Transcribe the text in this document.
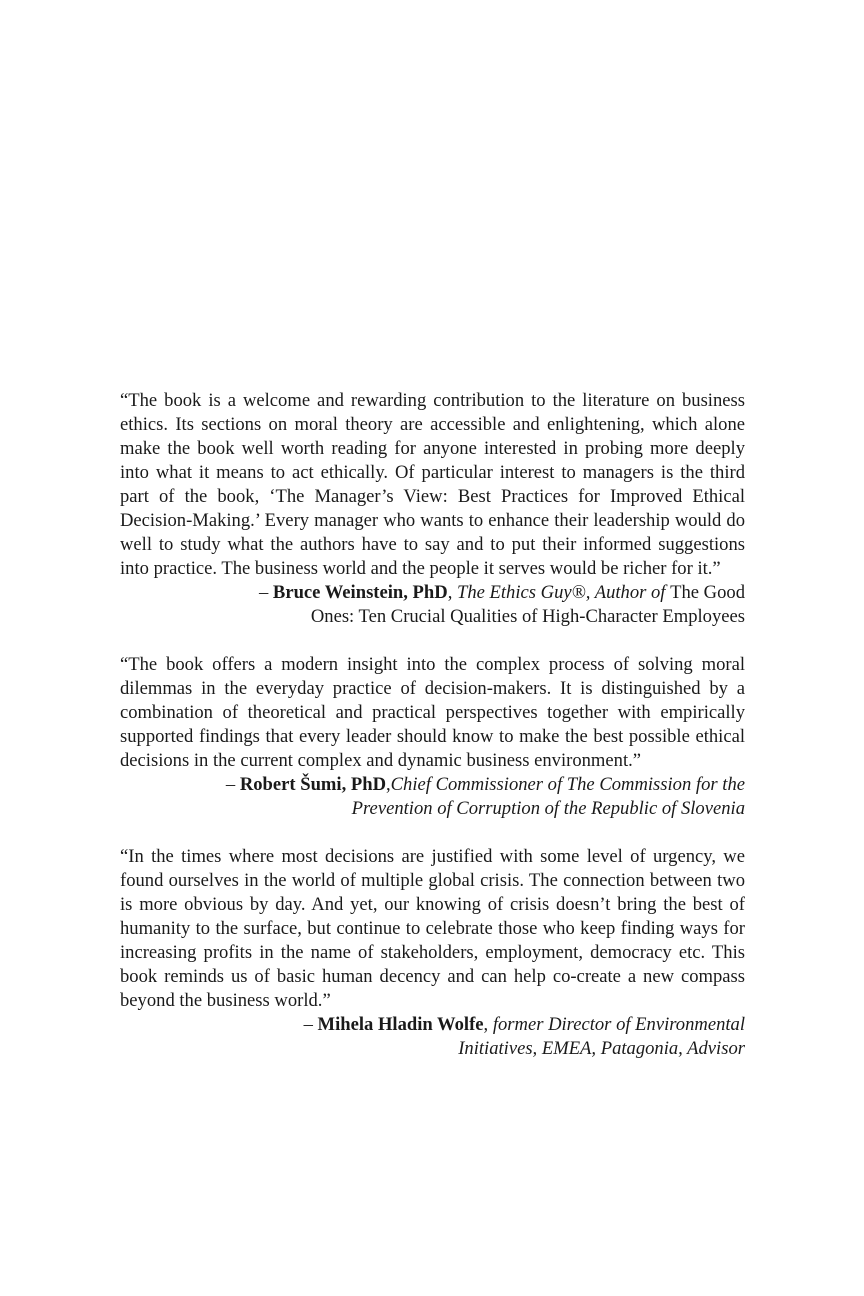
“The book is a welcome and rewarding contribution to the literature on business ethics. Its sections on moral theory are accessible and enlightening, which alone make the book well worth reading for anyone interested in probing more deeply into what it means to act ethically. Of particular interest to managers is the third part of the book, ‘The Manager’s View: Best Practices for Improved Ethical Decision-Making.’ Every manager who wants to enhance their leadership would do well to study what the authors have to say and to put their informed suggestions into practice. The business world and the people it serves would be richer for it.”

– Bruce Weinstein, PhD, The Ethics Guy®, Author of The Good
Ones: Ten Crucial Qualities of High-Character Employees

“The book offers a modern insight into the complex process of solving moral dilemmas in the everyday practice of decision-makers. It is distinguished by a combination of theoretical and practical perspectives together with empirically supported findings that every leader should know to make the best possible ethical decisions in the current complex and dynamic business environment.”

– Robert Šumi, PhD,Chief Commissioner of The Commission for the
Prevention of Corruption of the Republic of Slovenia

“In the times where most decisions are justified with some level of urgency, we found ourselves in the world of multiple global crisis. The connection between two is more obvious by day. And yet, our knowing of crisis doesn’t bring the best of humanity to the surface, but continue to celebrate those who keep finding ways for increasing profits in the name of stakeholders, employment, democracy etc. This book reminds us of basic human decency and can help co-create a new compass beyond the business world.”

– Mihela Hladin Wolfe, former Director of Environmental
Initiatives, EMEA, Patagonia, Advisor
